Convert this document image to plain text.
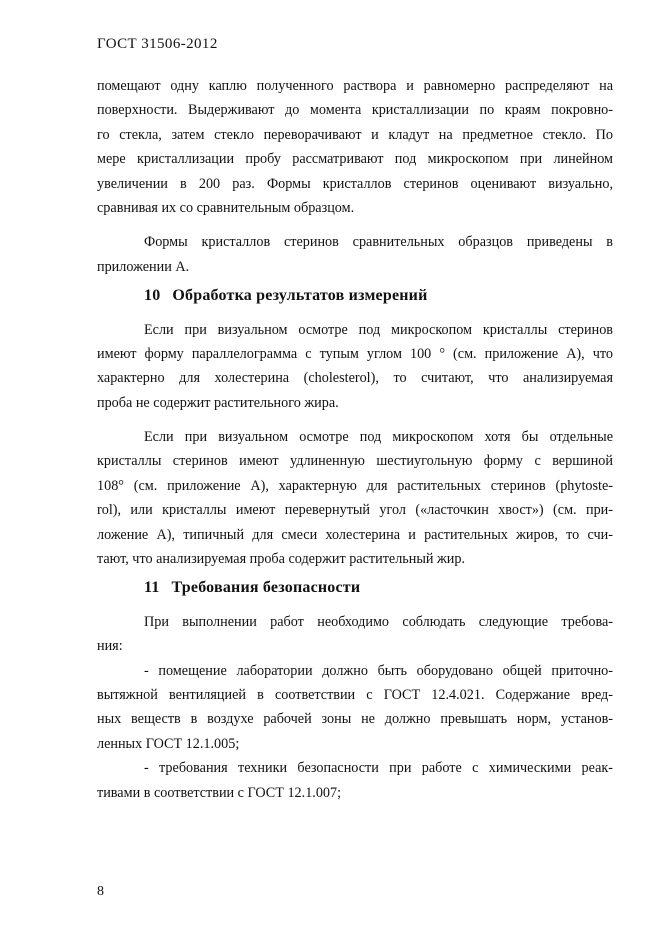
ГОСТ 31506-2012
помещают одну каплю полученного раствора и равномерно распределяют на
поверхности. Выдерживают до момента кристаллизации по краям покровно-
го стекла, затем стекло переворачивают и кладут на предметное стекло. По
мере кристаллизации пробу рассматривают под микроскопом при линейном
увеличении в 200 раз. Формы кристаллов стеринов оценивают визуально,
сравнивая их со сравнительным образцом.
Формы кристаллов стеринов сравнительных образцов приведены в
приложении А.
10 Обработка результатов измерений
Если при визуальном осмотре под микроскопом кристаллы стеринов
имеют форму параллелограмма с тупым углом 100 ° (см. приложение А), что
характерно для холестерина (cholesterol), то считают, что анализируемая
проба не содержит растительного жира.
Если при визуальном осмотре под микроскопом хотя бы отдельные
кристаллы стеринов имеют удлиненную шестиугольную форму с вершиной
108° (см. приложение А), характерную для растительных стеринов (phytoste-
rol), или кристаллы имеют перевернутый угол («ласточкин хвост») (см. при-
ложение А), типичный для смеси холестерина и растительных жиров, то счи-
тают, что анализируемая проба содержит растительный жир.
11 Требования безопасности
При выполнении работ необходимо соблюдать следующие требова-
ния:
- помещение лаборатории должно быть оборудовано общей приточно-
вытяжной вентиляцией в соответствии с ГОСТ 12.4.021. Содержание вред-
ных веществ в воздухе рабочей зоны не должно превышать норм, установ-
ленных ГОСТ 12.1.005;
- требования техники безопасности при работе с химическими реак-
тивами в соответствии с ГОСТ 12.1.007;
8
